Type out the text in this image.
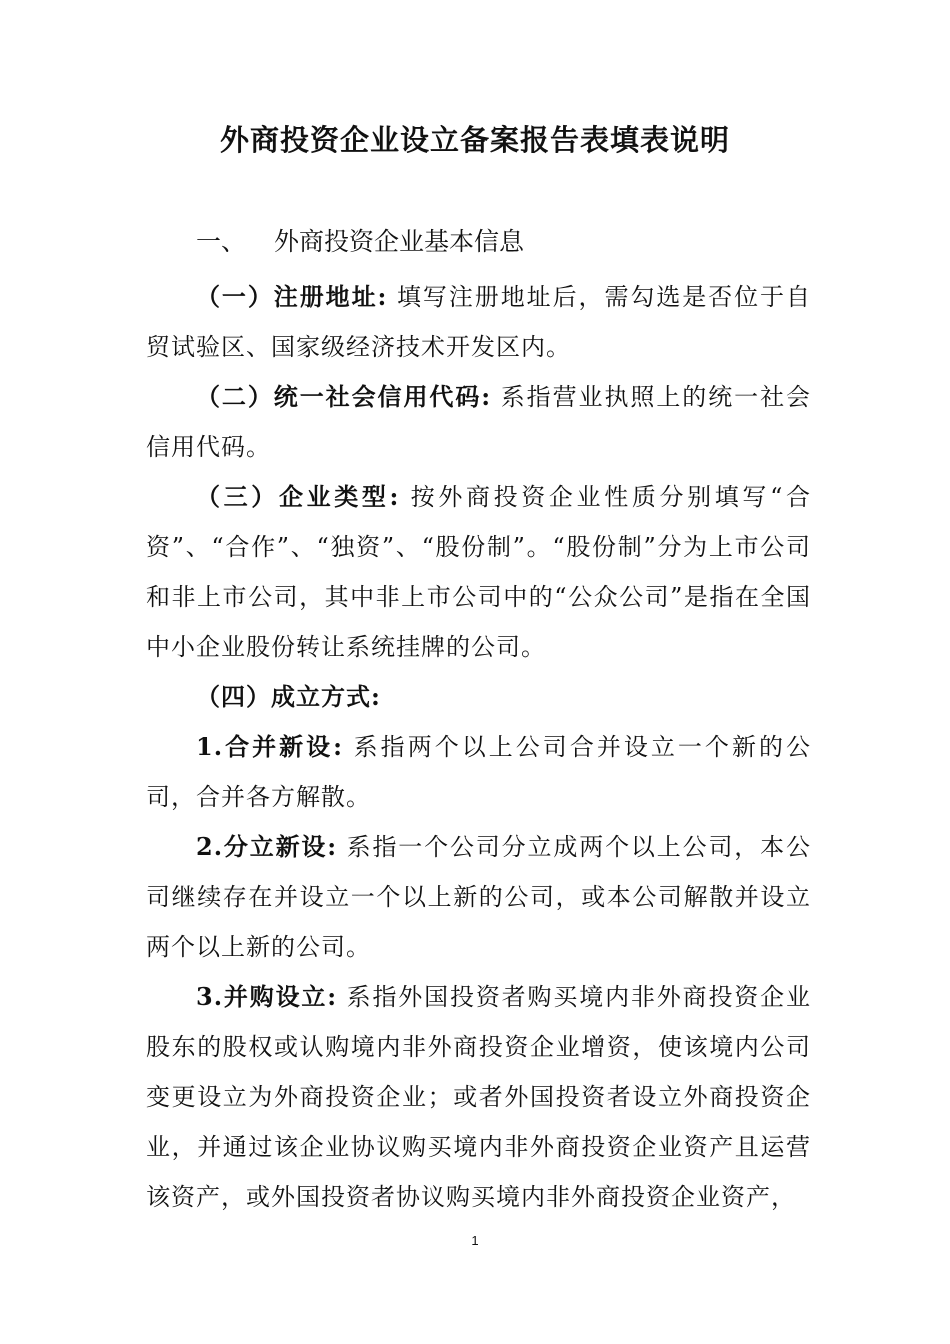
外商投资企业设立备案报告表填表说明
一、 外商投资企业基本信息

（一）注册地址: 填写注册地址后，需勾选是否位于自贸试验区、国家级经济技术开发区内。

（二）统一社会信用代码: 系指营业执照上的统一社会信用代码。

（三）企业类型: 按外商投资企业性质分别填写“合资”、“合作”、“独资”、“股份制”。“股份制”分为上市公司和非上市公司，其中非上市公司中的“公众公司”是指在全国中小企业股份转让系统挂牌的公司。

（四）成立方式:

1.合并新设: 系指两个以上公司合并设立一个新的公司，合并各方解散。

2.分立新设: 系指一个公司分立成两个以上公司，本公司继续存在并设立一个以上新的公司，或本公司解散并设立两个以上新的公司。

3.并购设立: 系指外国投资者购买境内非外商投资企业股东的股权或认购境内非外商投资企业增资，使该境内公司变更设立为外商投资企业；或者外国投资者设立外商投资企业，并通过该企业协议购买境内非外商投资企业资产且运营该资产，或外国投资者协议购买境内非外商投资企业资产，

1
